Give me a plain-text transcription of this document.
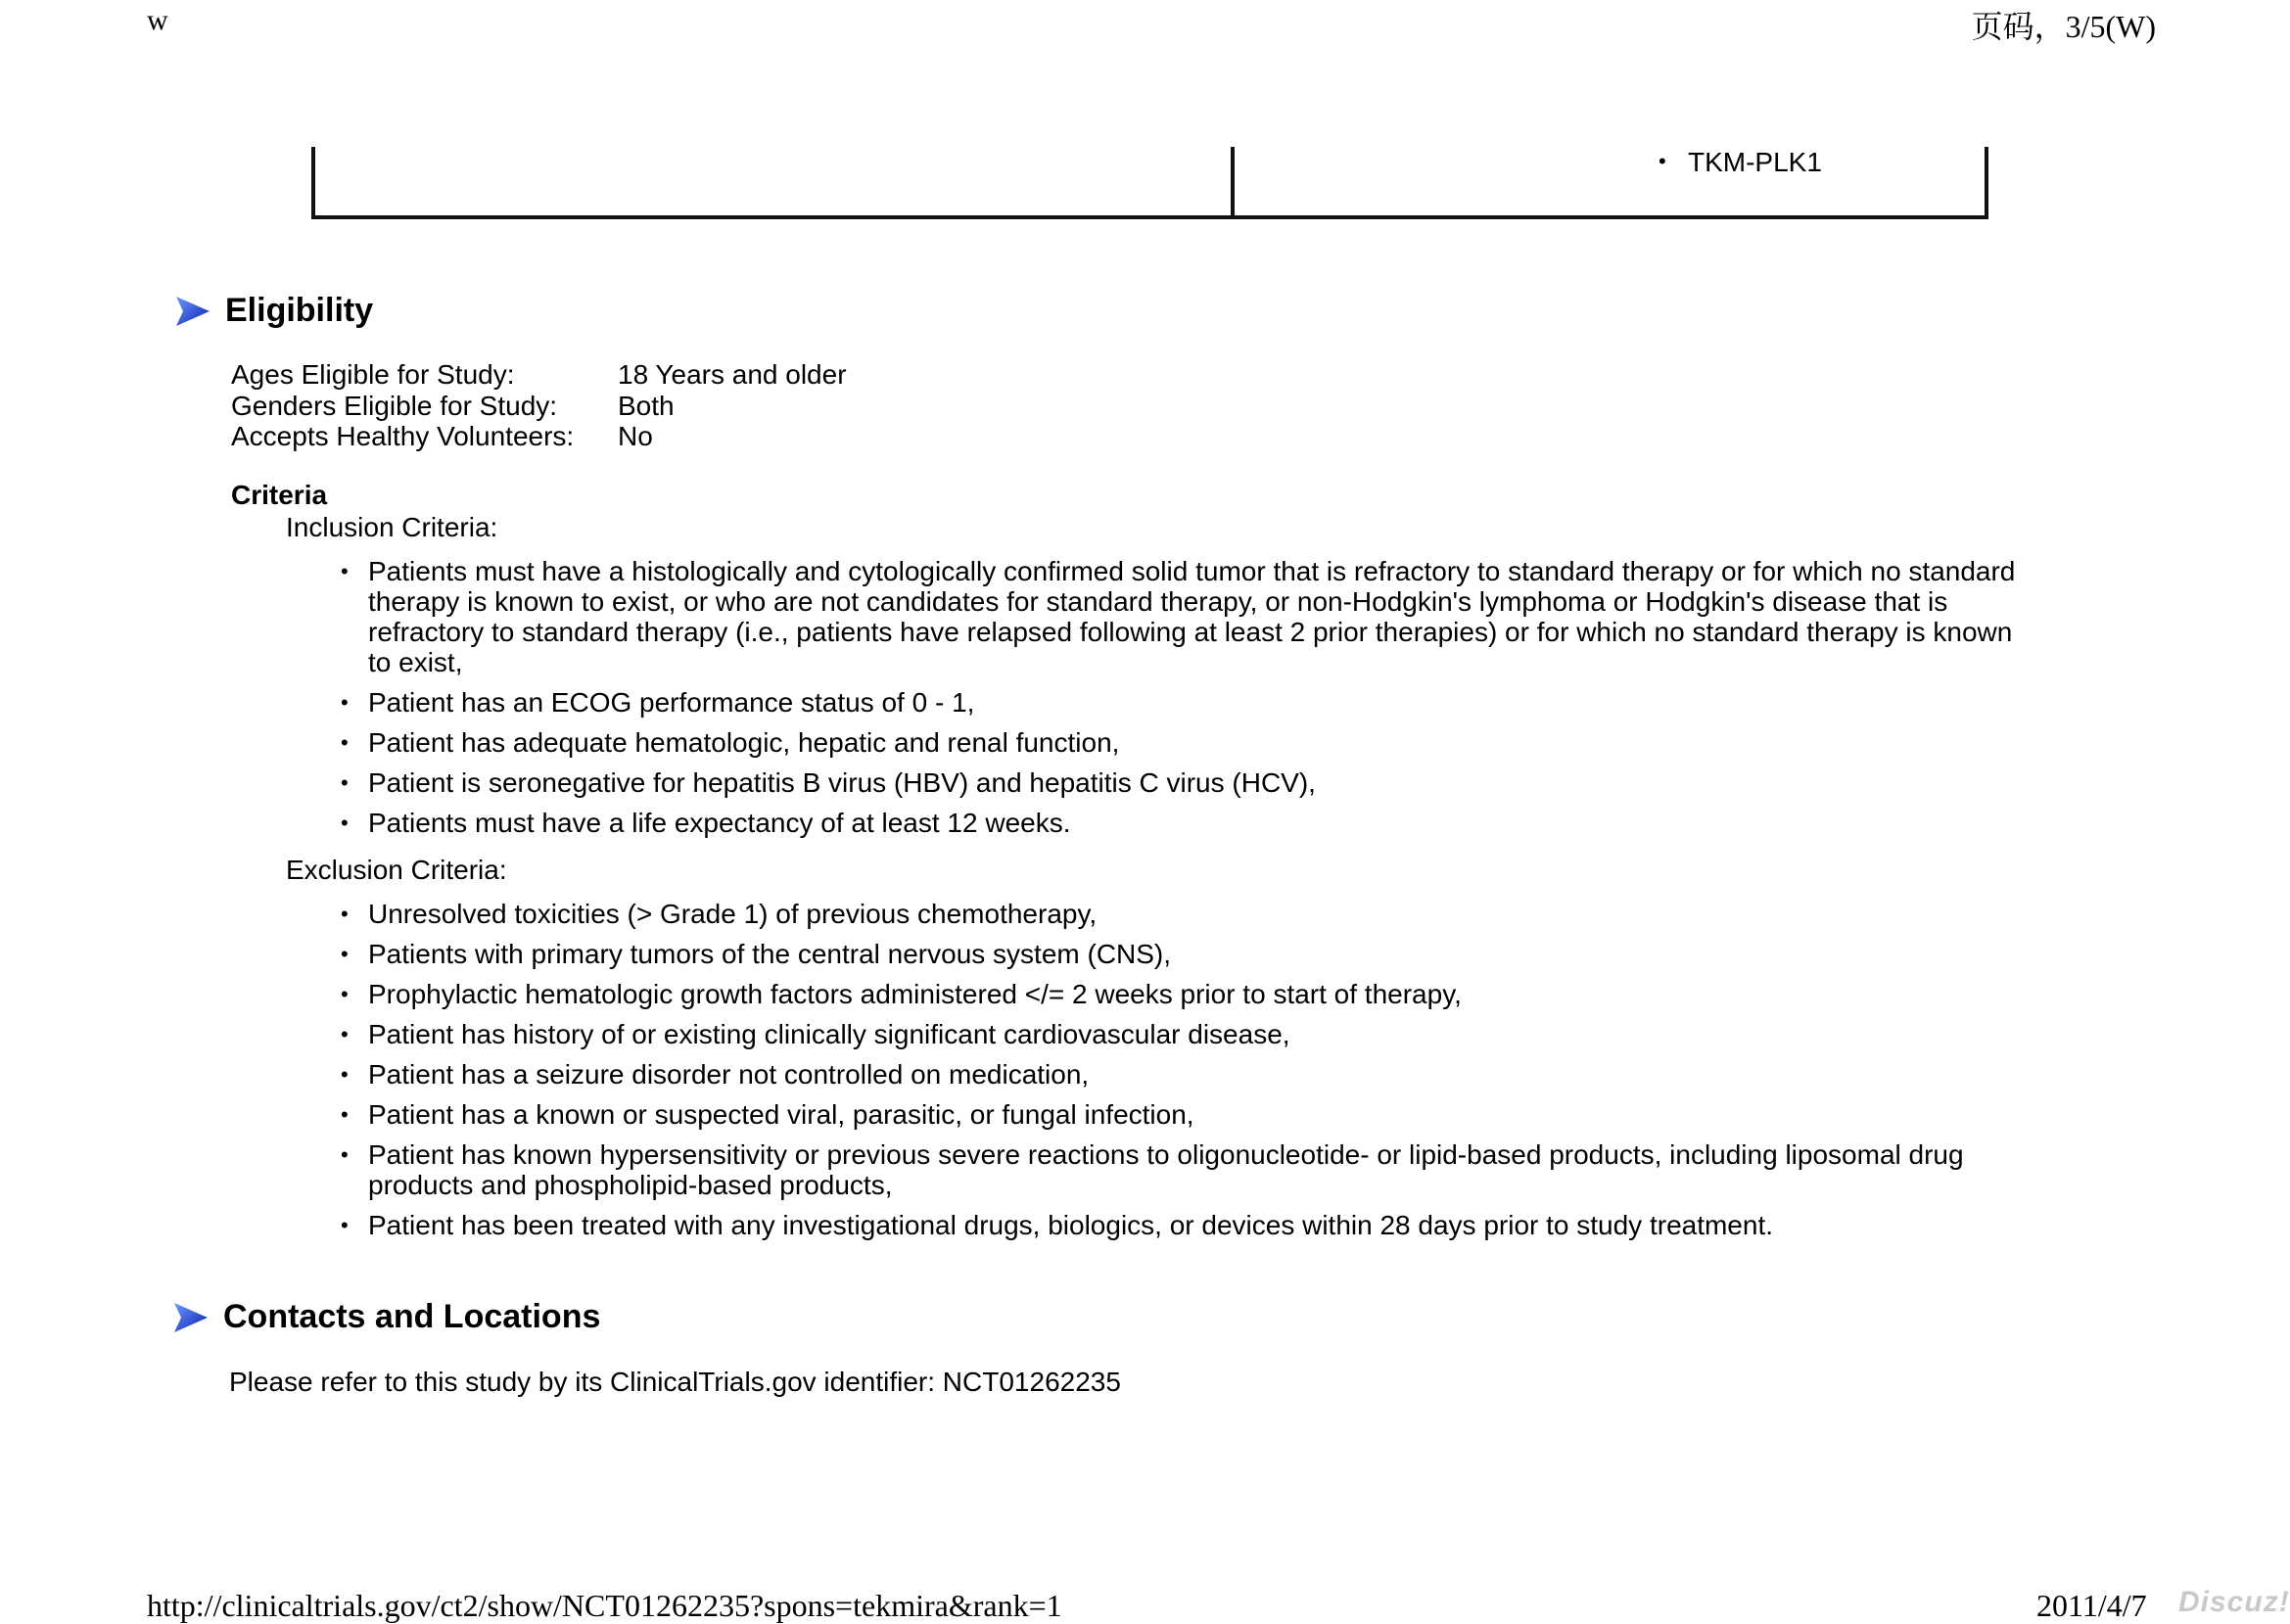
w	页码，3/5(W)
• TKM-PLK1
Eligibility
Ages Eligible for Study:	18 Years and older
Genders Eligible for Study:	Both
Accepts Healthy Volunteers:	No
Criteria
Inclusion Criteria:
• Patients must have a histologically and cytologically confirmed solid tumor that is refractory to standard therapy or for which no standard therapy is known to exist, or who are not candidates for standard therapy, or non-Hodgkin's lymphoma or Hodgkin's disease that is refractory to standard therapy (i.e., patients have relapsed following at least 2 prior therapies) or for which no standard therapy is known to exist,
• Patient has an ECOG performance status of 0 - 1,
• Patient has adequate hematologic, hepatic and renal function,
• Patient is seronegative for hepatitis B virus (HBV) and hepatitis C virus (HCV),
• Patients must have a life expectancy of at least 12 weeks.
Exclusion Criteria:
• Unresolved toxicities (> Grade 1) of previous chemotherapy,
• Patients with primary tumors of the central nervous system (CNS),
• Prophylactic hematologic growth factors administered </= 2 weeks prior to start of therapy,
• Patient has history of or existing clinically significant cardiovascular disease,
• Patient has a seizure disorder not controlled on medication,
• Patient has a known or suspected viral, parasitic, or fungal infection,
• Patient has known hypersensitivity or previous severe reactions to oligonucleotide- or lipid-based products, including liposomal drug products and phospholipid-based products,
• Patient has been treated with any investigational drugs, biologics, or devices within 28 days prior to study treatment.
Contacts and Locations
Please refer to this study by its ClinicalTrials.gov identifier: NCT01262235
http://clinicaltrials.gov/ct2/show/NCT01262235?spons=tekmira&rank=1	2011/4/7 Discuz!
